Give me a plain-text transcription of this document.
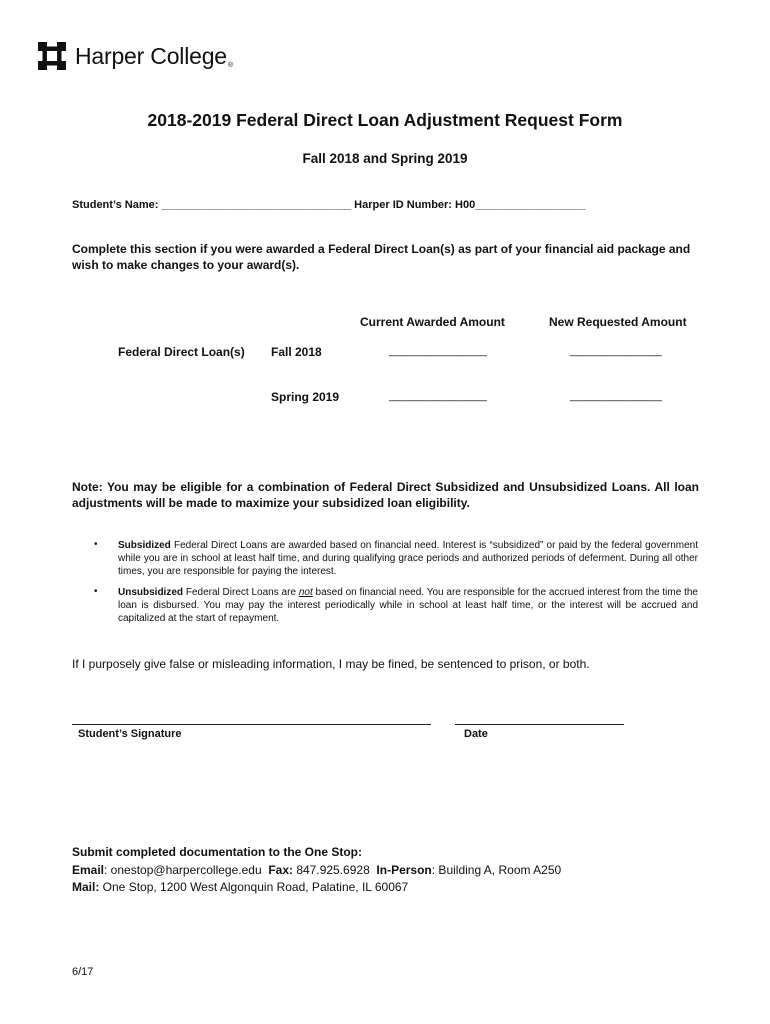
Harper College ®
2018-2019 Federal Direct Loan Adjustment Request Form
Fall 2018 and Spring 2019
Student’s Name: _______________________________ Harper ID Number: H00__________________
Complete this section if you were awarded a Federal Direct Loan(s) as part of your financial aid package and wish to make changes to your award(s).
Current Awarded Amount	New Requested Amount
Federal Direct Loan(s) Fall 2018	________________	_______________
Spring 2019	________________	_______________
Note: You may be eligible for a combination of Federal Direct Subsidized and Unsubsidized Loans. All loan adjustments will be made to maximize your subsidized loan eligibility.
• Subsidized Federal Direct Loans are awarded based on financial need. Interest is “subsidized” or paid by the federal government while you are in school at least half time, and during qualifying grace periods and authorized periods of deferment. During all other times, you are responsible for paying the interest.
• Unsubsidized Federal Direct Loans are not based on financial need. You are responsible for the accrued interest from the time the loan is disbursed. You may pay the interest periodically while in school at least half time, or the interest will be accrued and capitalized at the start of repayment.
If I purposely give false or misleading information, I may be fined, be sentenced to prison, or both.
Student’s Signature	Date
Submit completed documentation to the One Stop:
Email: onestop@harpercollege.edu Fax: 847.925.6928 In-Person: Building A, Room A250
Mail: One Stop, 1200 West Algonquin Road, Palatine, IL 60067
6/17
